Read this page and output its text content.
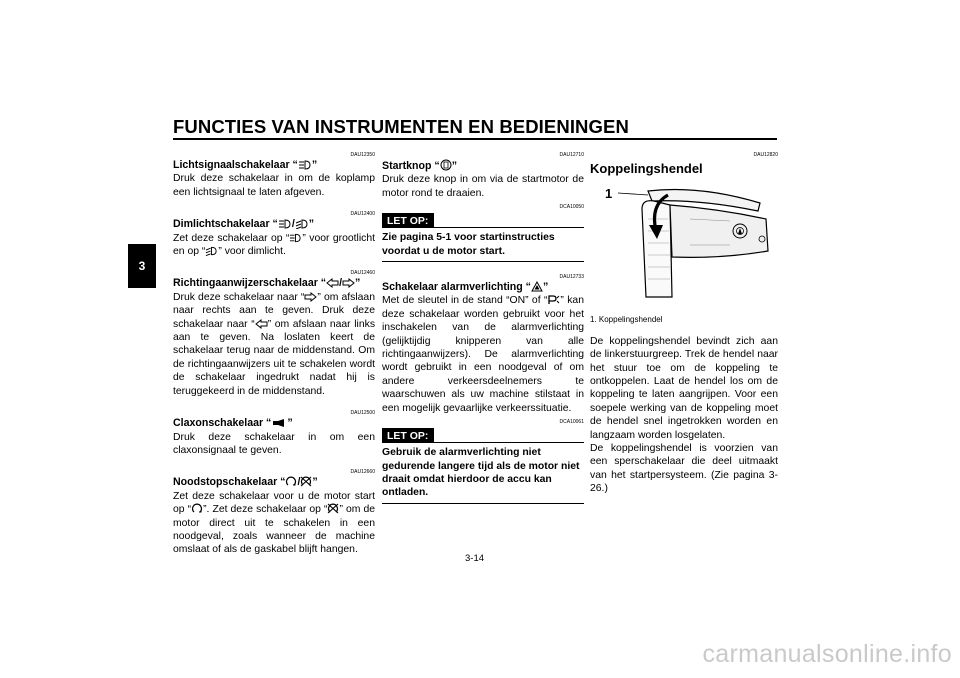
FUNCTIES VAN INSTRUMENTEN EN BEDIENINGEN
3
DAU12350
Lichtsignaalschakelaar “ ”

Druk deze schakelaar in om de koplamp een lichtsignaal te laten afgeven.

DAU12400
Dimlichtschakelaar “ / ”

Zet deze schakelaar op “ ” voor grootlicht en op “ ” voor dimlicht.

DAU12460
Richtingaanwijzerschakelaar “ / ”

Druk deze schakelaar naar “ ” om afslaan naar rechts aan te geven. Druk deze schakelaar naar “ ” om afslaan naar links aan te geven. Na loslaten keert de schakelaar terug naar de middenstand. Om de richtingaanwijzers uit te schakelen wordt de schakelaar ingedrukt nadat hij is teruggekeerd in de middenstand.

DAU12500
Claxonschakelaar “ ”

Druk deze schakelaar in om een claxonsignaal te geven.

DAU12660
Noodstopschakelaar “ / ”

Zet deze schakelaar voor u de motor start op “ ”. Zet deze schakelaar op “ ” om de motor direct uit te schakelen in een noodgeval, zoals wanneer de machine omslaat of als de gaskabel blijft hangen.

DAU12710
Startknop “ ”

Druk deze knop in om via de startmotor de motor rond te draaien.

DCA10050
LET OP:

Zie pagina 5-1 voor startinstructies voordat u de motor start.

DAU12733
Schakelaar alarmverlichting “ ”

Met de sleutel in de stand “ON” of “ ” kan deze schakelaar worden gebruikt voor het inschakelen van de alarmverlichting (gelijktijdig knipperen van alle richtingaanwijzers). De alarmverlichting wordt gebruikt in een noodgeval of om andere verkeersdeelnemers te waarschuwen als uw machine stilstaat in een mogelijk gevaarlijke verkeerssituatie.

DCA10061
LET OP:

Gebruik de alarmverlichting niet gedurende langere tijd als de motor niet draait omdat hierdoor de accu kan ontladen.

DAU12820
Koppelingshendel
1
1. Koppelingshendel

De koppelingshendel bevindt zich aan de linkerstuurgreep. Trek de hendel naar het stuur toe om de koppeling te ontkoppelen. Laat de hendel los om de koppeling te laten aangrijpen. Voor een soepele werking van de koppeling moet de hendel snel ingetrokken worden en langzaam worden losgelaten.

De koppelingshendel is voorzien van een sperschakelaar die deel uitmaakt van het startpersysteem. (Zie pagina 3-26.)

3-14
carmanualsonline.info
